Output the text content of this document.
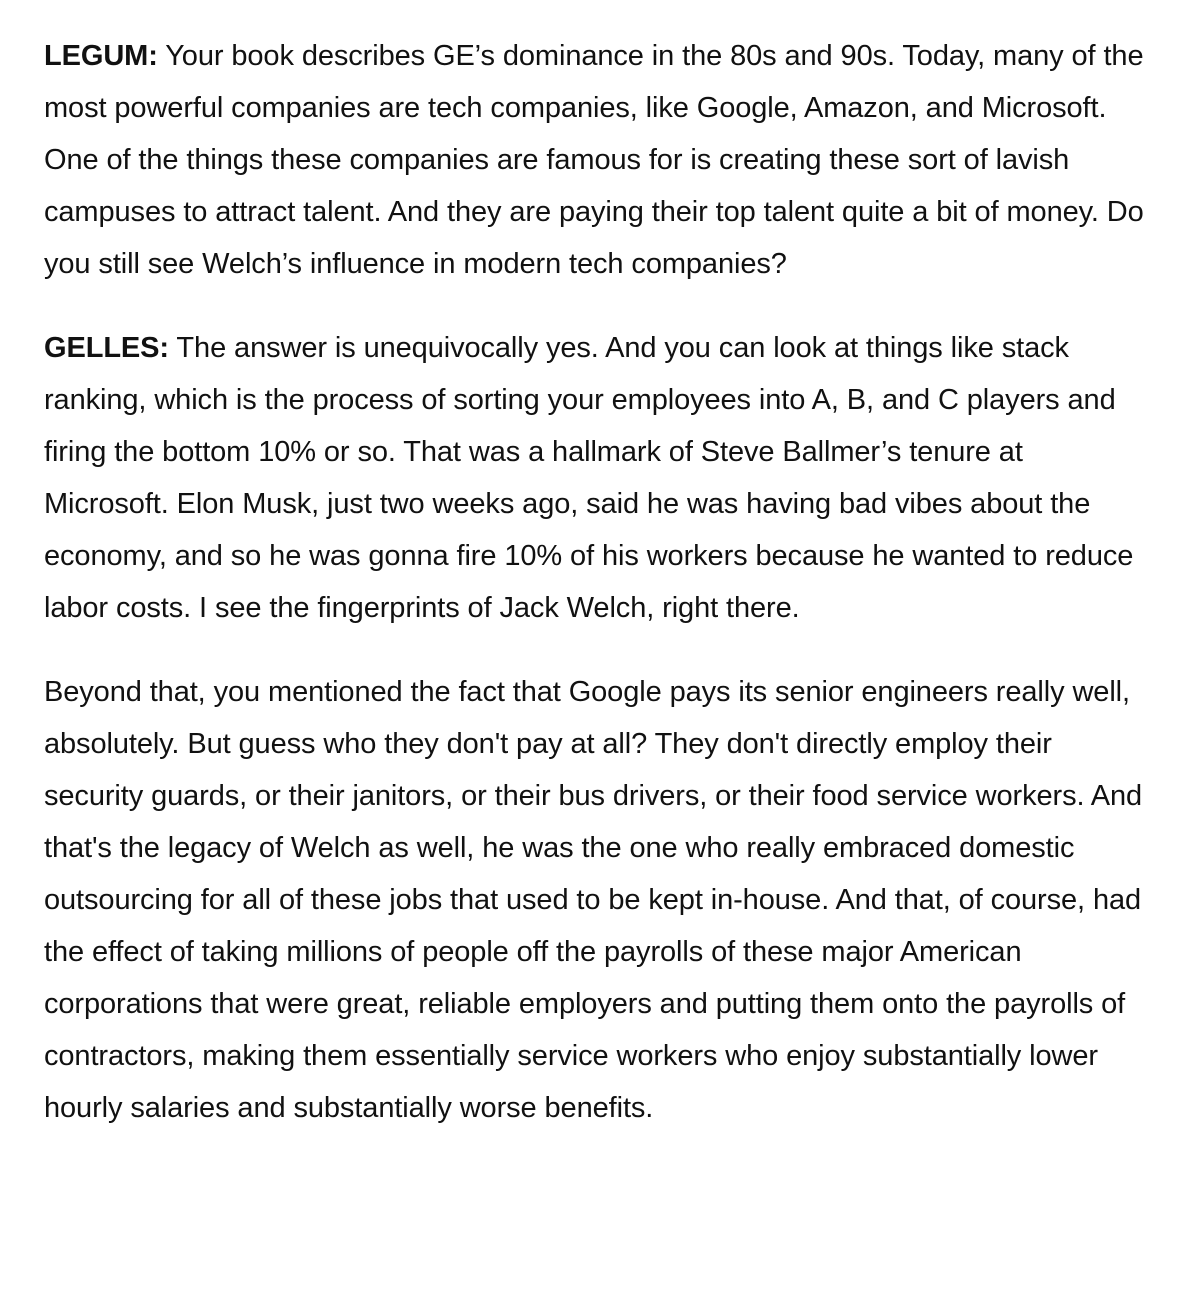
LEGUM: Your book describes GE’s dominance in the 80s and 90s. Today, many of the most powerful companies are tech companies, like Google, Amazon, and Microsoft. One of the things these companies are famous for is creating these sort of lavish campuses to attract talent. And they are paying their top talent quite a bit of money. Do you still see Welch’s influence in modern tech companies?

GELLES: The answer is unequivocally yes. And you can look at things like stack ranking, which is the process of sorting your employees into A, B, and C players and firing the bottom 10% or so. That was a hallmark of Steve Ballmer’s tenure at Microsoft. Elon Musk, just two weeks ago, said he was having bad vibes about the economy, and so he was gonna fire 10% of his workers because he wanted to reduce labor costs. I see the fingerprints of Jack Welch, right there.

Beyond that, you mentioned the fact that Google pays its senior engineers really well, absolutely. But guess who they don't pay at all? They don't directly employ their security guards, or their janitors, or their bus drivers, or their food service workers. And that's the legacy of Welch as well, he was the one who really embraced domestic outsourcing for all of these jobs that used to be kept in-house. And that, of course, had the effect of taking millions of people off the payrolls of these major American corporations that were great, reliable employers and putting them onto the payrolls of contractors, making them essentially service workers who enjoy substantially lower hourly salaries and substantially worse benefits.
